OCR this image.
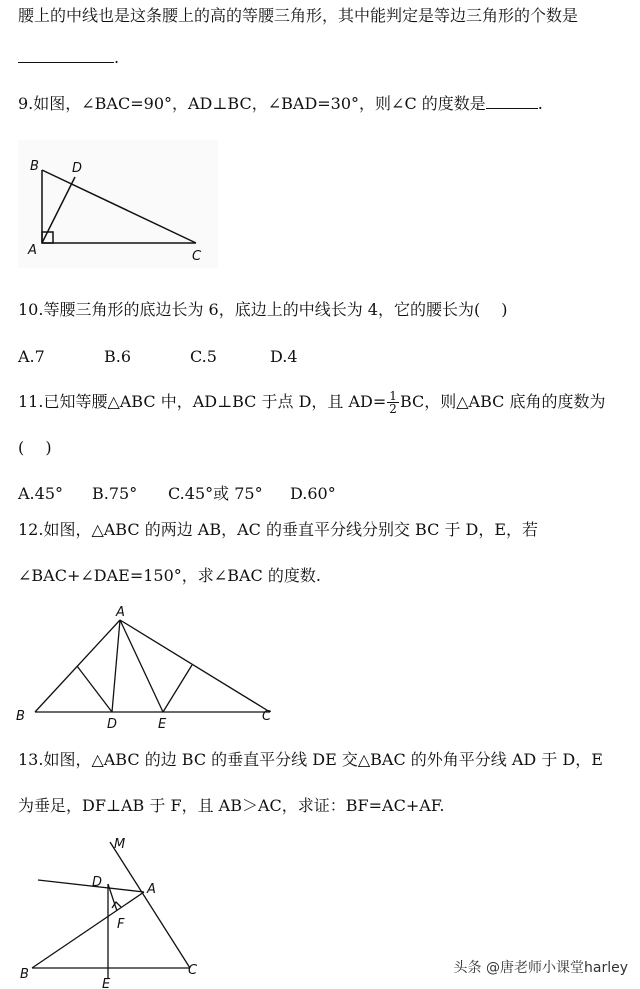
腰上的中线也是这条腰上的高的等腰三角形，其中能判定是等边三角形的个数是
.
9.如图，∠BAC=90°，AD⊥BC，∠BAD=30°，则∠C 的度数是	.
B	D
A	C
10.等腰三角形的底边长为 6，底边上的中线长为 4，它的腰长为(　 )
A.7	B.6	C.5	D.4
11.已知等腰△ABC 中，AD⊥BC 于点 D，且 $AD= \frac{1}{2}$ BC，则△ABC 底角的度数为
(　 )
A.45° B.75° C.45°或 75° D.60°
12.如图，△ABC 的两边 AB，AC 的垂直平分线分别交 BC 于 D，E，若
∠BAC+∠DAE=150°，求∠BAC 的度数.
A
B
D	E
C
13.如图，△ABC 的边 BC 的垂直平分线 DE 交△BAC 的外角平分线 AD 于 D，E
为垂足，DF⊥AB 于 F，且 AB＞AC，求证：BF=AC+AF.
M
D	A
F
B
E
C	头条 @唐老师小课堂harley
